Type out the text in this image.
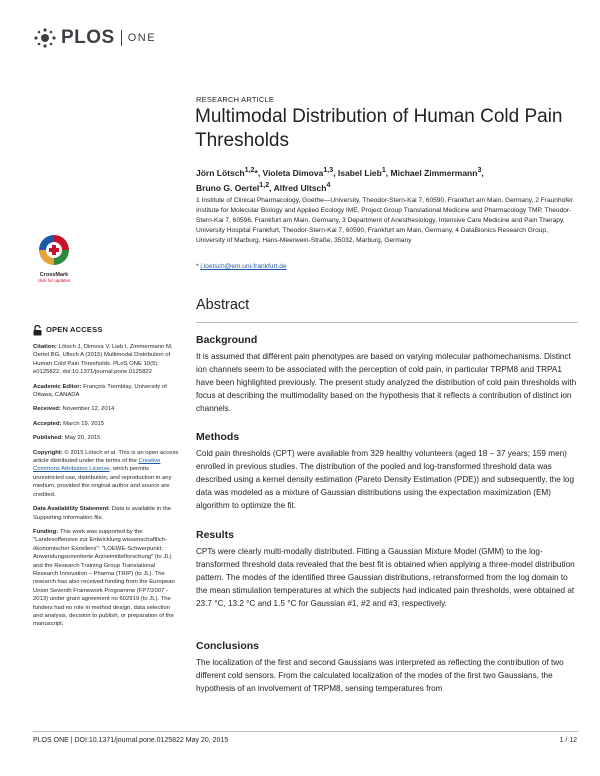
PLOS ONE
RESEARCH ARTICLE
Multimodal Distribution of Human Cold Pain Thresholds
Jörn Lötsch$^{1,2}$*, Violeta Dimova$^{1,3}$, Isabel Lieb$^1$, Michael Zimmermann$^3$,
Bruno G. Oertel$^{1,2}$, Alfred Ultsch$^4$
1 Institute of Clinical Pharmacology, Goethe—University, Theodor-Stern-Kai 7, 60590, Frankfurt am Main, Germany, 2 Fraunhofer Institute for Molecular Biology and Applied Ecology IME, Project Group Translational Medicine and Pharmacology TMP, Theodor-Stern-Kai 7, 60596, Frankfurt am Main, Germany, 3 Department of Anesthesiology, Intensive Care Medicine and Pain Therapy, University Hospital Frankfurt, Theodor-Stern-Kai 7, 60590, Frankfurt am Main, Germany, 4 DataBionics Research Group, University of Marburg, Hans-Meerwein-Straße, 35032, Marburg, Germany
* j.loetsch@em.uni-frankfurt.de
CrossMark
click for updates
OPEN ACCESS
Citation: Lötsch J, Dimova V, Lieb I, Zimmermann M, Oertel BG, Ultsch A (2015) Multimodal Distribution of Human Cold Pain Thresholds. PLoS ONE 10(5): e0125822. doi:10.1371/journal.pone.0125822
Academic Editor: François Tremblay, University of Ottawa, CANADA
Received: November 12, 2014
Accepted: March 19, 2015
Published: May 20, 2015
Copyright: © 2015 Lötsch et al. This is an open access article distributed under the terms of the Creative Commons Attribution License, which permits unrestricted use, distribution, and reproduction in any medium, provided the original author and source are credited.
Data Availability Statement: Data is available in the Supporting Information file.
Funding: This work was supported by the "Landesoffensive zur Entwicklung wissenschaftlich-ökonomischer Exzellenz": "LOEWE-Schwerpunkt: Anwendungsorientierte Arzneimittelforschung" (to JL) and the Research Training Group Translational Research Innovation – Pharma (TRIP) (to JL). The research has also received funding from the European Union Seventh Framework Programme (FP7/2007 - 2013) under grant agreement no 602919 (to JL). The funders had no role in method design, data selection and analysis, decision to publish, or preparation of the manuscript.
Abstract
Background

It is assumed that different pain phenotypes are based on varying molecular pathomechanisms. Distinct ion channels seem to be associated with the perception of cold pain, in particular TRPM8 and TRPA1 have been highlighted previously. The present study analyzed the distribution of cold pain thresholds with focus at describing the multimodality based on the hypothesis that it reflects a contribution of distinct ion channels.

Methods

Cold pain thresholds (CPT) were available from 329 healthy volunteers (aged 18 – 37 years; 159 men) enrolled in previous studies. The distribution of the pooled and log-transformed threshold data was described using a kernel density estimation (Pareto Density Estimation (PDE)) and subsequently, the log data was modeled as a mixture of Gaussian distributions using the expectation maximization (EM) algorithm to optimize the fit.

Results

CPTs were clearly multi-modally distributed. Fitting a Gaussian Mixture Model (GMM) to the log-transformed threshold data revealed that the best fit is obtained when applying a three-model distribution pattern. The modes of the identified three Gaussian distributions, retransformed from the log domain to the mean stimulation temperatures at which the subjects had indicated pain thresholds, were obtained at 23.7 °C, 13.2 °C and 1.5 °C for Gaussian #1, #2 and #3, respectively.

Conclusions

The localization of the first and second Gaussians was interpreted as reflecting the contribution of two different cold sensors. From the calculated localization of the modes of the first two Gaussians, the hypothesis of an involvement of TRPM8, sensing temperatures from

PLOS ONE | DOI:10.1371/journal.pone.0125822 May 20, 2015	1 / 12
